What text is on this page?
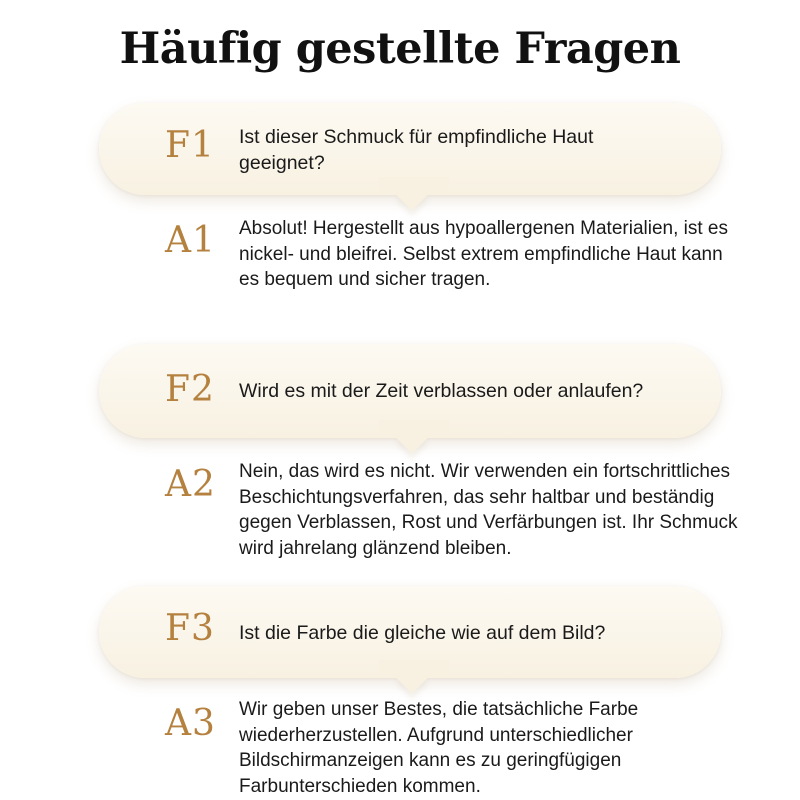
Häufig gestellte Fragen
F1 Ist dieser Schmuck für empfindliche Haut geeignet?
A1 Absolut! Hergestellt aus hypoallergenen Materialien, ist es nickel- und bleifrei. Selbst extrem empfindliche Haut kann es bequem und sicher tragen.
F2 Wird es mit der Zeit verblassen oder anlaufen?
A2 Nein, das wird es nicht. Wir verwenden ein fortschrittliches Beschichtungsverfahren, das sehr haltbar und beständig gegen Verblassen, Rost und Verfärbungen ist. Ihr Schmuck wird jahrelang glänzend bleiben.
F3 Ist die Farbe die gleiche wie auf dem Bild?
A3 Wir geben unser Bestes, die tatsächliche Farbe wiederherzustellen. Aufgrund unterschiedlicher Bildschirmanzeigen kann es zu geringfügigen Farbunterschieden kommen.
